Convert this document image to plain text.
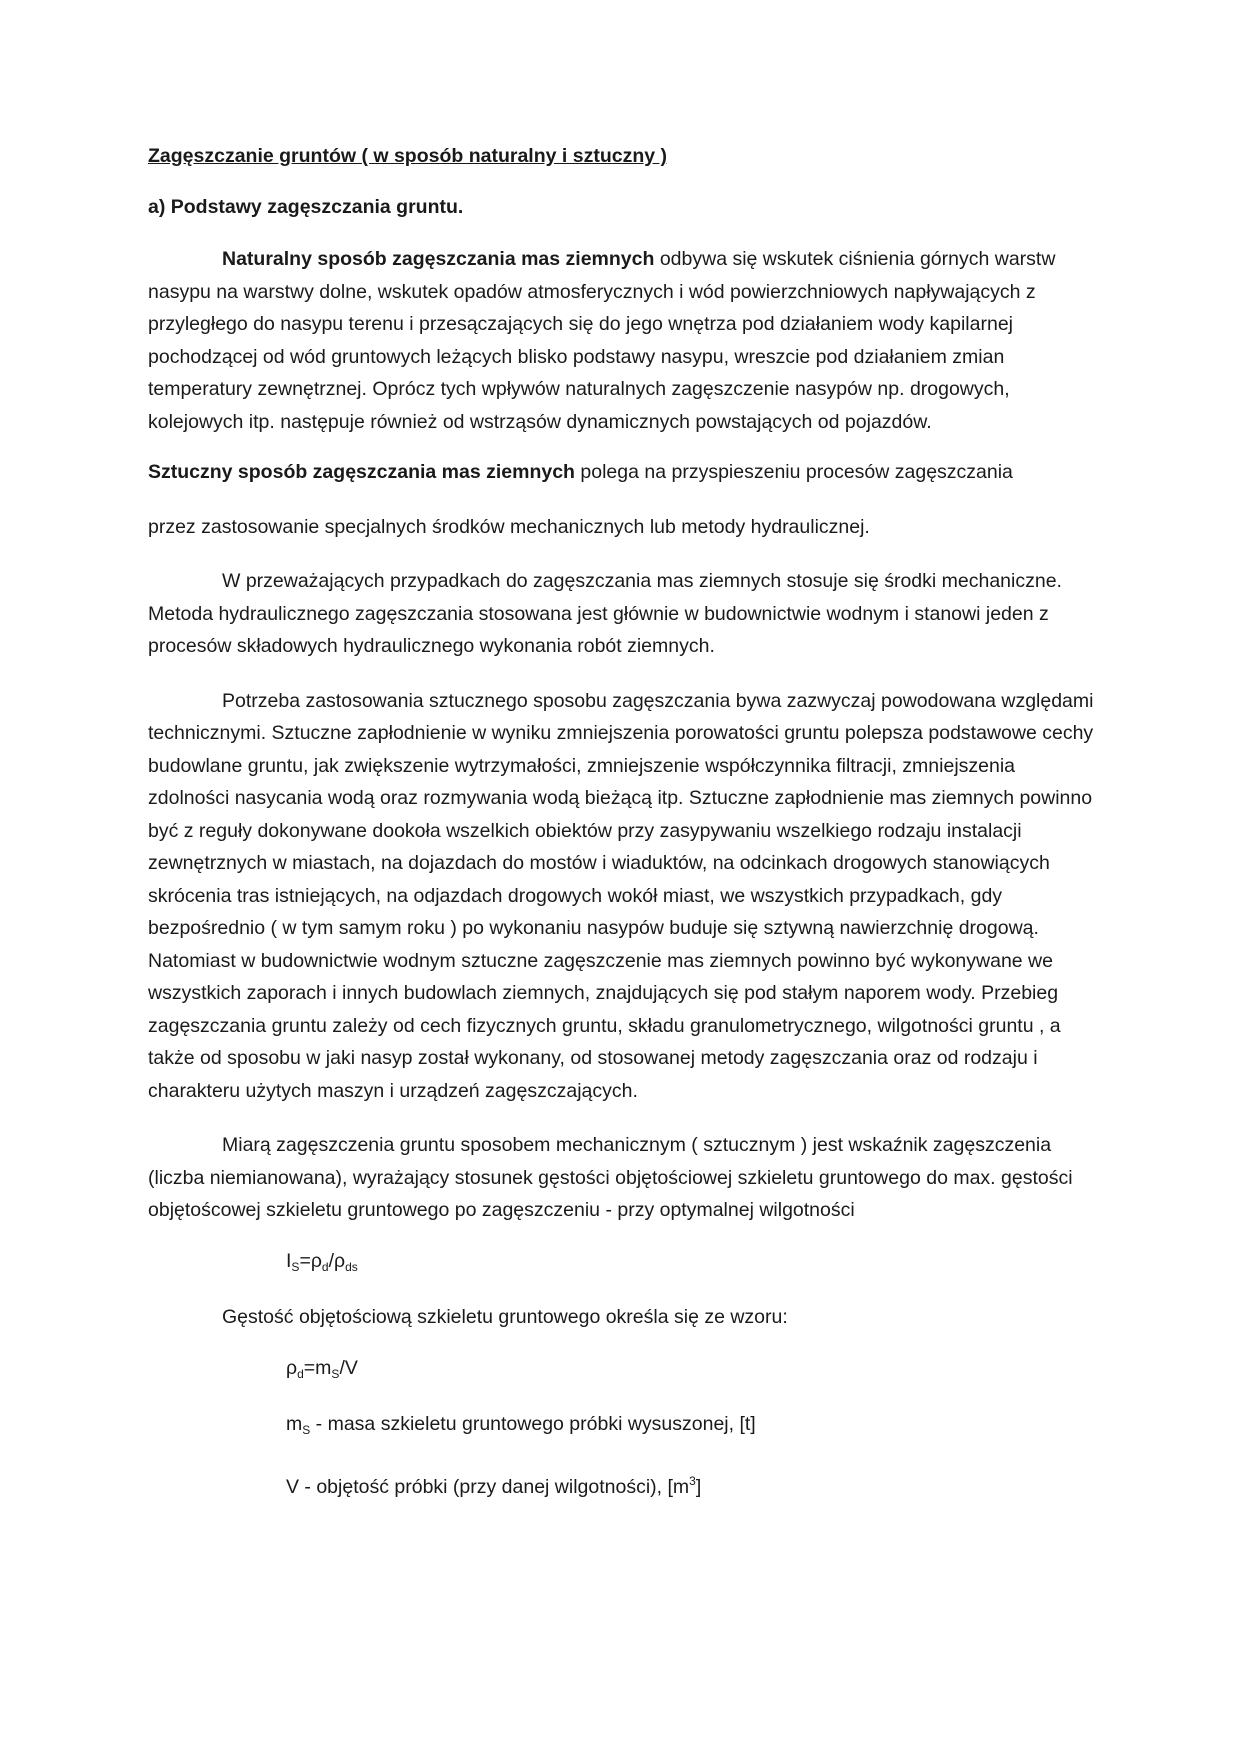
Zagęszczanie gruntów ( w sposób naturalny i sztuczny )

a) Podstawy zagęszczania gruntu.

Naturalny sposób zagęszczania mas ziemnych odbywa się wskutek ciśnienia górnych warstw nasypu na warstwy dolne, wskutek opadów atmosferycznych i wód powierzchniowych napływających z przyległego do nasypu terenu i przesączających się do jego wnętrza pod działaniem wody kapilarnej pochodzącej od wód gruntowych leżących blisko podstawy nasypu, wreszcie pod działaniem zmian temperatury zewnętrznej. Oprócz tych wpływów naturalnych zagęszczenie nasypów np. drogowych, kolejowych itp. następuje również od wstrząsów dynamicznych powstających od pojazdów.

Sztuczny sposób zagęszczania mas ziemnych polega na przyspieszeniu procesów zagęszczania

przez zastosowanie specjalnych środków mechanicznych lub metody hydraulicznej.

W przeważających przypadkach do zagęszczania mas ziemnych stosuje się środki mechaniczne. Metoda hydraulicznego zagęszczania stosowana jest głównie w budownictwie wodnym i stanowi jeden z procesów składowych hydraulicznego wykonania robót ziemnych.

Potrzeba zastosowania sztucznego sposobu zagęszczania bywa zazwyczaj powodowana względami technicznymi. Sztuczne zapłodnienie w wyniku zmniejszenia porowatości gruntu polepsza podstawowe cechy budowlane gruntu, jak zwiększenie wytrzymałości, zmniejszenie współczynnika filtracji, zmniejszenia zdolności nasycania wodą oraz rozmywania wodą bieżącą itp. Sztuczne zapłodnienie mas ziemnych powinno być z reguły dokonywane dookoła wszelkich obiektów przy zasypywaniu wszelkiego rodzaju instalacji zewnętrznych w miastach, na dojazdach do mostów i wiaduktów, na odcinkach drogowych stanowiących skrócenia tras istniejących, na odjazdach drogowych wokół miast, we wszystkich przypadkach, gdy bezpośrednio ( w tym samym roku ) po wykonaniu nasypów buduje się sztywną nawierzchnię drogową. Natomiast w budownictwie wodnym sztuczne zagęszczenie mas ziemnych powinno być wykonywane we wszystkich zaporach i innych budowlach ziemnych, znajdujących się pod stałym naporem wody. Przebieg zagęszczania gruntu zależy od cech fizycznych gruntu, składu granulometrycznego, wilgotności gruntu , a także od sposobu w jaki nasyp został wykonany, od stosowanej metody zagęszczania oraz od rodzaju i charakteru użytych maszyn i urządzeń zagęszczających.

Miarą zagęszczenia gruntu sposobem mechanicznym ( sztucznym ) jest wskaźnik zagęszczenia (liczba niemianowana), wyrażający stosunek gęstości objętościowej szkieletu gruntowego do max. gęstości objętoścowej szkieletu gruntowego po zagęszczeniu - przy optymalnej wilgotności

$I_S=\rho_d/\rho_{ds}$

Gęstość objętościową szkieletu gruntowego określa się ze wzoru:

$\rho_d=m_S/V$

$m_S$ - masa szkieletu gruntowego próbki wysuszonej, [t]

V - objętość próbki (przy danej wilgotności), $[m^3]$
